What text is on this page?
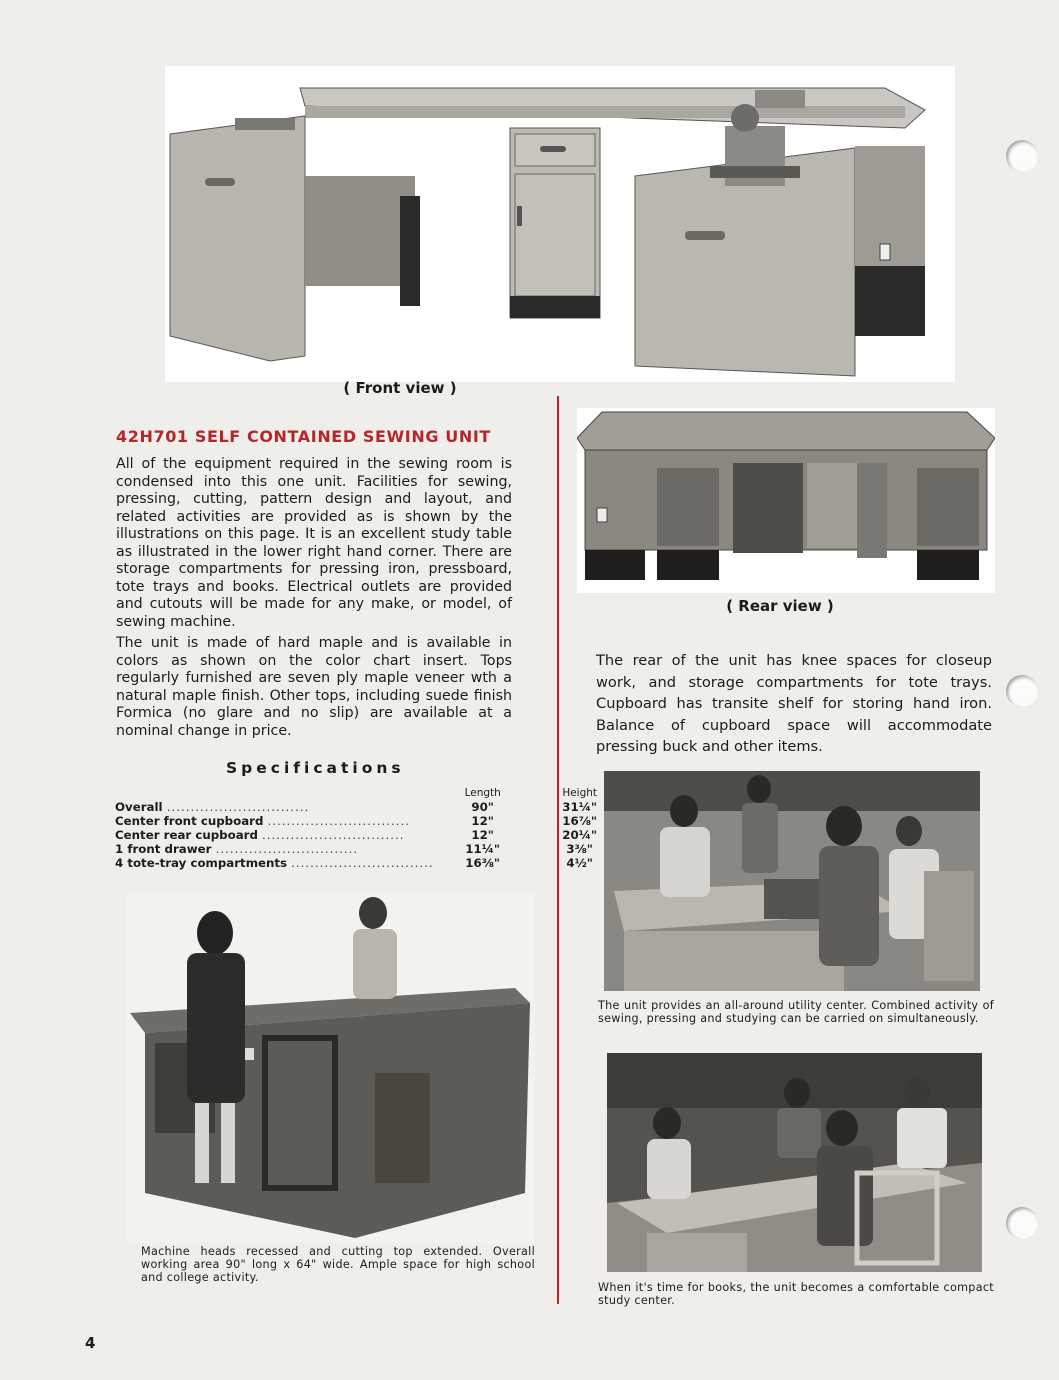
( Front view )
42H701 SELF CONTAINED SEWING UNIT
All of the equipment required in the sewing room is condensed into this one unit. Facilities for sewing, pressing, cutting, pattern design and layout, and related activities are provided as is shown by the illustrations on this page. It is an excellent study table as illustrated in the lower right hand corner. There are storage compartments for pressing iron, pressboard, tote trays and books. Electrical outlets are provided and cutouts will be made for any make, or model, of sewing machine.
The unit is made of hard maple and is available in colors as shown on the color chart insert. Tops regularly furnished are seven ply maple veneer wth a natural maple finish. Other tops, including suede finish Formica (no glare and no slip) are available at a nominal change in price.
Specifications
	Length	Height	
Overall ..............................	90"	31¼"	
Center front cupboard ..............................	12"	16⅞"	
Center rear cupboard ..............................	12"	20¼"	
1 front drawer ..............................	11¼"	3⅜"	
4 tote-tray compartments ..............................	16⅜"	4½"	
Machine heads recessed and cutting top extended. Overall working area 90" long x 64" wide. Ample space for high school and college activity.
( Rear view )
The rear of the unit has knee spaces for closeup work, and storage compartments for tote trays. Cupboard has transite shelf for storing hand iron. Balance of cupboard space will accommodate pressing buck and other items.
The unit provides an all-around utility center. Combined activity of sewing, pressing and studying can be carried on simultaneously.
When it's time for books, the unit becomes a comfortable compact study center.
4
